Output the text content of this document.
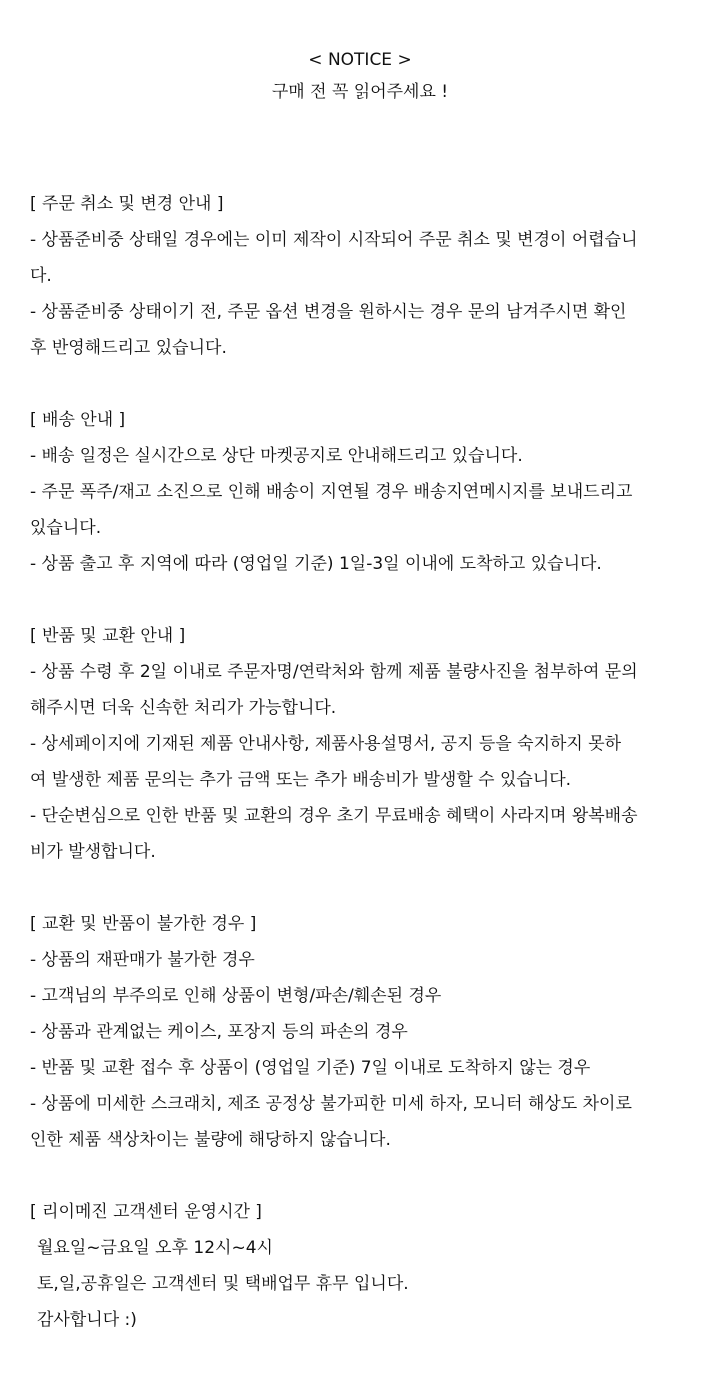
< NOTICE >
구매 전 꼭 읽어주세요 !

[ 주문 취소 및 변경 안내 ]

- 상품준비중 상태일 경우에는 이미 제작이 시작되어 주문 취소 및 변경이 어렵습니

다.

- 상품준비중 상태이기 전, 주문 옵션 변경을 원하시는 경우 문의 남겨주시면 확인

후 반영해드리고 있습니다.

[ 배송 안내 ]

- 배송 일정은 실시간으로 상단 마켓공지로 안내해드리고 있습니다.

- 주문 폭주/재고 소진으로 인해 배송이 지연될 경우 배송지연메시지를 보내드리고

있습니다.

- 상품 출고 후 지역에 따라 (영업일 기준) 1일-3일 이내에 도착하고 있습니다.

[ 반품 및 교환 안내 ]

- 상품 수령 후 2일 이내로 주문자명/연락처와 함께 제품 불량사진을 첨부하여 문의

해주시면 더욱 신속한 처리가 가능합니다.

- 상세페이지에 기재된 제품 안내사항, 제품사용설명서, 공지 등을 숙지하지 못하

여 발생한 제품 문의는 추가 금액 또는 추가 배송비가 발생할 수 있습니다.

- 단순변심으로 인한 반품 및 교환의 경우 초기 무료배송 혜택이 사라지며 왕복배송

비가 발생합니다.

[ 교환 및 반품이 불가한 경우 ]

- 상품의 재판매가 불가한 경우

- 고객님의 부주의로 인해 상품이 변형/파손/훼손된 경우

- 상품과 관계없는 케이스, 포장지 등의 파손의 경우

- 반품 및 교환 접수 후 상품이 (영업일 기준) 7일 이내로 도착하지 않는 경우

- 상품에 미세한 스크래치, 제조 공정상 불가피한 미세 하자, 모니터 해상도 차이로

인한 제품 색상차이는 불량에 해당하지 않습니다.

[ 리이메진 고객센터 운영시간 ]

월요일~금요일 오후 12시~4시

토,일,공휴일은 고객센터 및 택배업무 휴무 입니다.

감사합니다 :)
